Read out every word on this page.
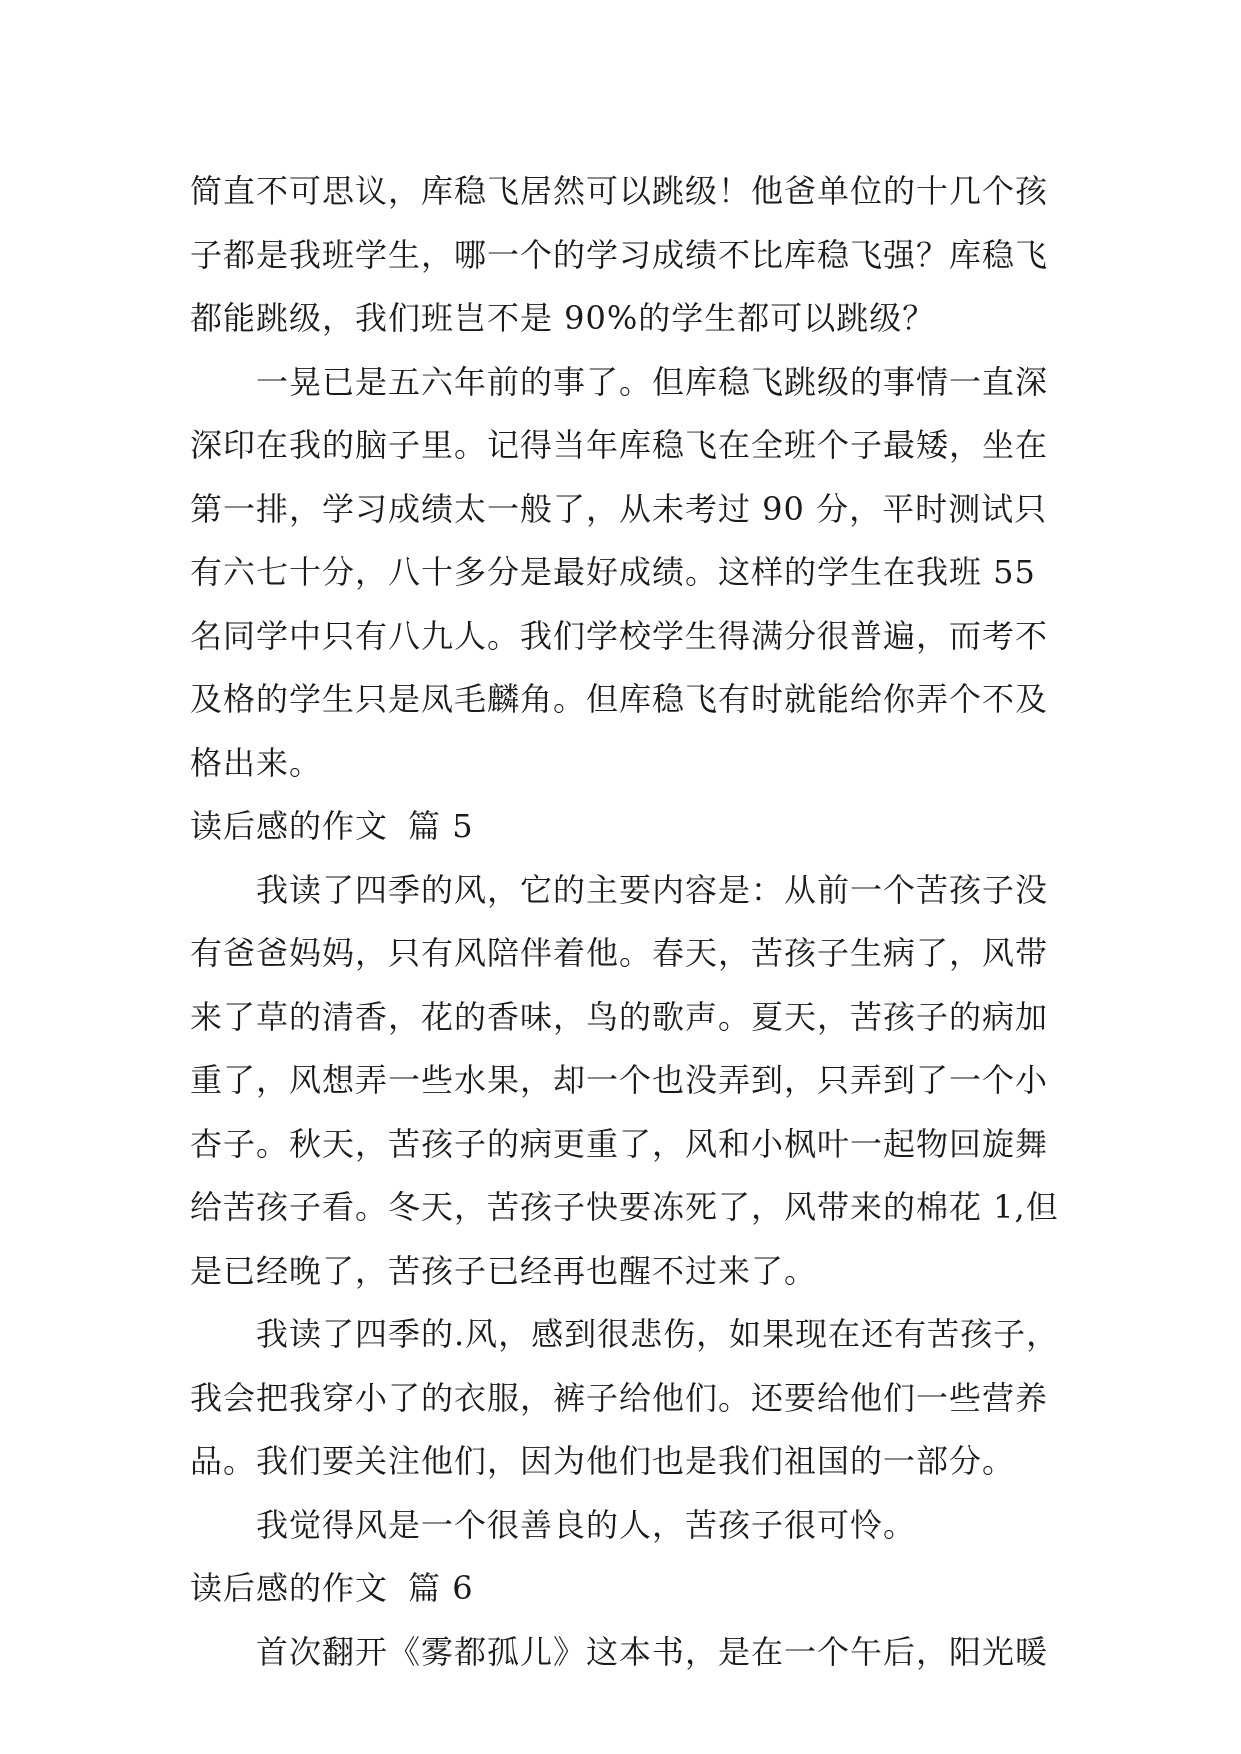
简直不可思议，库稳飞居然可以跳级！他爸单位的十几个孩
子都是我班学生，哪一个的学习成绩不比库稳飞强？库稳飞
都能跳级，我们班岂不是 90%的学生都可以跳级？
一晃已是五六年前的事了。但库稳飞跳级的事情一直深
深印在我的脑子里。记得当年库稳飞在全班个子最矮，坐在
第一排，学习成绩太一般了，从未考过 90 分，平时测试只
有六七十分，八十多分是最好成绩。这样的学生在我班 55
名同学中只有八九人。我们学校学生得满分很普遍，而考不
及格的学生只是凤毛麟角。但库稳飞有时就能给你弄个不及
格出来。
读后感的作文 篇 5
我读了四季的风，它的主要内容是：从前一个苦孩子没
有爸爸妈妈，只有风陪伴着他。春天，苦孩子生病了，风带
来了草的清香，花的香味，鸟的歌声。夏天，苦孩子的病加
重了，风想弄一些水果，却一个也没弄到，只弄到了一个小
杏子。秋天，苦孩子的病更重了，风和小枫叶一起物回旋舞
给苦孩子看。冬天，苦孩子快要冻死了，风带来的棉花 1,但
是已经晚了，苦孩子已经再也醒不过来了。
我读了四季的.风，感到很悲伤，如果现在还有苦孩子，
我会把我穿小了的衣服，裤子给他们。还要给他们一些营养
品。我们要关注他们，因为他们也是我们祖国的一部分。
我觉得风是一个很善良的人，苦孩子很可怜。
读后感的作文 篇 6
首次翻开《雾都孤儿》这本书，是在一个午后，阳光暖
